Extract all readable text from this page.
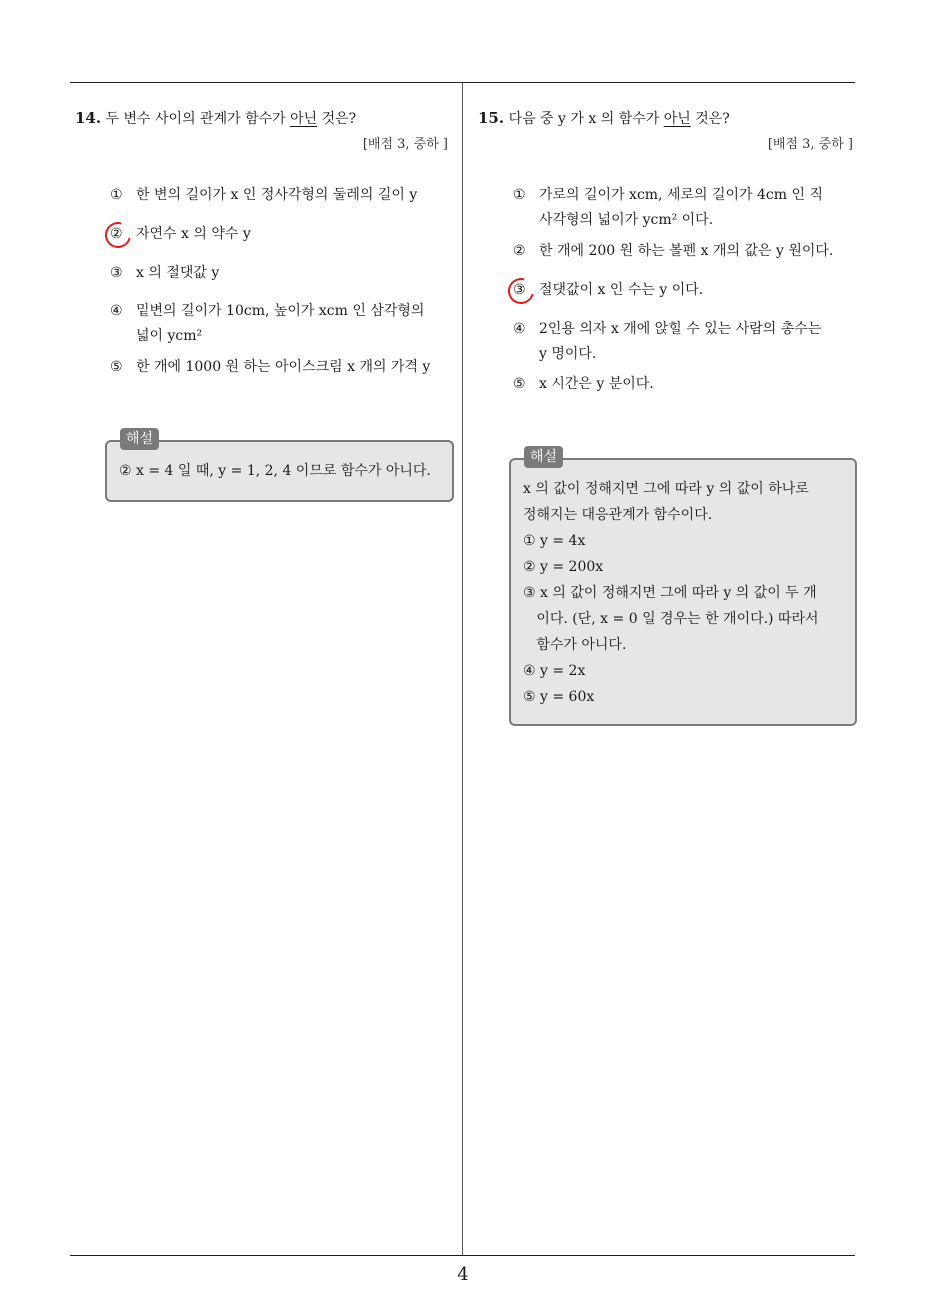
14. 두 변수 사이의 관계가 함수가 아닌 것은?
[배점 3, 중하 ]
① 한 변의 길이가 x 인 정사각형의 둘레의 길이 y
② 자연수 x 의 약수 y
③ x 의 절댓값 y
④ 밑변의 길이가 10cm, 높이가 xcm 인 삼각형의
넓이 ycm²
⑤ 한 개에 1000 원 하는 아이스크림 x 개의 가격 y
② x = 4 일 때, y = 1, 2, 4 이므로 함수가 아니다.
해설
15. 다음 중 y 가 x 의 함수가 아닌 것은?
[배점 3, 중하 ]
① 가로의 길이가 xcm, 세로의 길이가 4cm 인 직
사각형의 넓이가 ycm² 이다.
② 한 개에 200 원 하는 볼펜 x 개의 값은 y 원이다.
③ 절댓값이 x 인 수는 y 이다.
④ 2인용 의자 x 개에 앉힐 수 있는 사람의 총수는
y 명이다.
⑤ x 시간은 y 분이다.
x 의 값이 정해지면 그에 따라 y 의 값이 하나로
정해지는 대응관계가 함수이다.
① y = 4x
② y = 200x
③ x 의 값이 정해지면 그에 따라 y 의 값이 두 개
이다. (단, x = 0 일 경우는 한 개이다.) 따라서
함수가 아니다.
④ y = 2x
⑤ y = 60x
해설
4
